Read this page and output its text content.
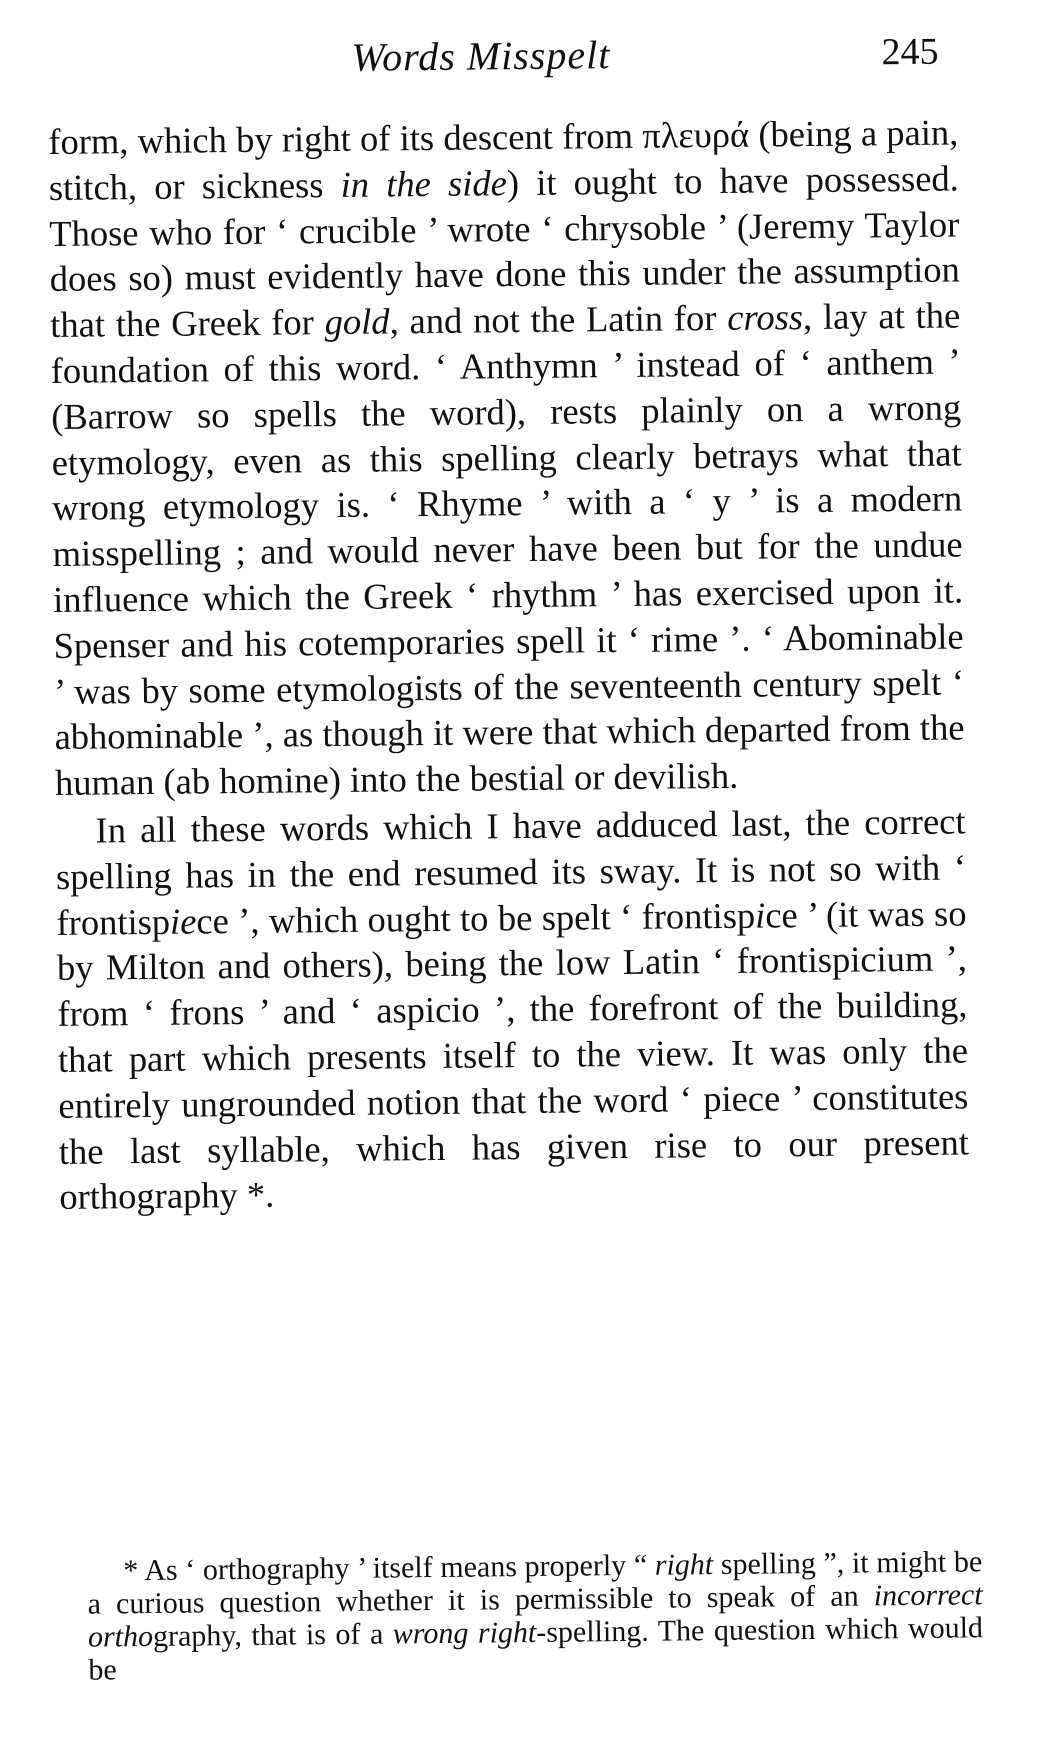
Words Misspelt	245

form, which by right of its descent from πλευρά (being a pain, stitch, or sickness in the side) it ought to have possessed. Those who for ‘ crucible ’ wrote ‘ chrysoble ’ (Jeremy Taylor does so) must evidently have done this under the assumption that the Greek for gold, and not the Latin for cross, lay at the foundation of this word. ‘ Anthymn ’ instead of ‘ anthem ’ (Barrow so spells the word), rests plainly on a wrong etymology, even as this spelling clearly betrays what that wrong etymology is. ‘ Rhyme ’ with a ‘ y ’ is a modern misspelling ; and would never have been but for the undue influence which the Greek ‘ rhythm ’ has exercised upon it. Spenser and his cotemporaries spell it ‘ rime ’. ‘ Abominable ’ was by some etymologists of the seventeenth century spelt ‘ abhominable ’, as though it were that which departed from the human (ab homine) into the bestial or devilish.

In all these words which I have adduced last, the correct spelling has in the end resumed its sway. It is not so with ‘ frontispiece ’, which ought to be spelt ‘ frontispice ’ (it was so by Milton and others), being the low Latin ‘ frontispicium ’, from ‘ frons ’ and ‘ aspicio ’, the forefront of the building, that part which presents itself to the view. It was only the entirely ungrounded notion that the word ‘ piece ’ constitutes the last syllable, which has given rise to our present orthography *.

* As ‘ orthography ’ itself means properly “ right spelling ”, it might be a curious question whether it is permissible to speak of an incorrect orthography, that is of a wrong right-spelling. The question which would be
